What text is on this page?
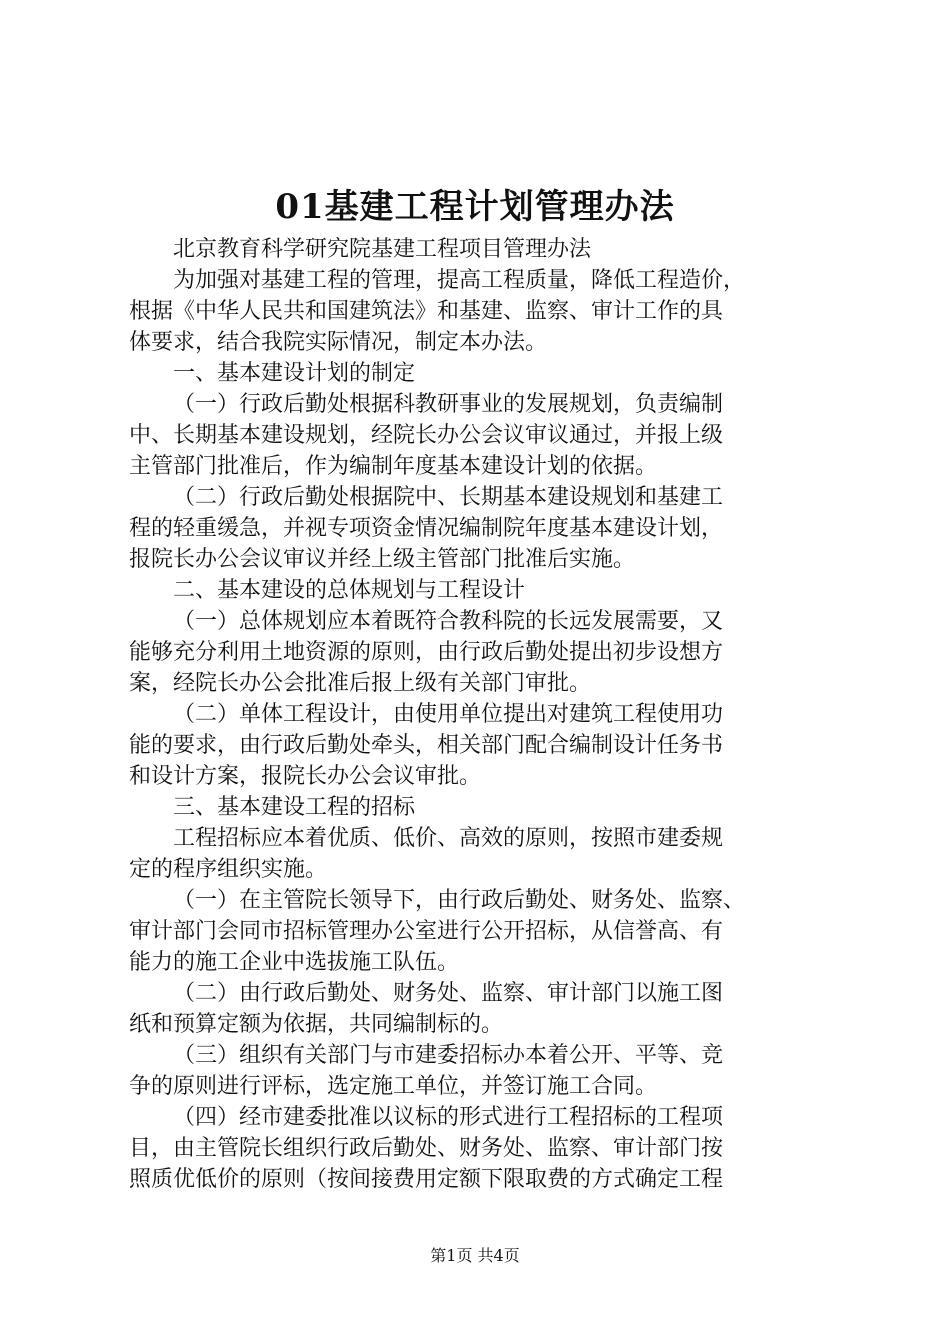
01基建工程计划管理办法

北京教育科学研究院基建工程项目管理办法

为加强对基建工程的管理，提高工程质量，降低工程造价，
根据《中华人民共和国建筑法》和基建、监察、审计工作的具
体要求，结合我院实际情况，制定本办法。

一、基本建设计划的制定

（一）行政后勤处根据科教研事业的发展规划，负责编制
中、长期基本建设规划，经院长办公会议审议通过，并报上级
主管部门批准后，作为编制年度基本建设计划的依据。

（二）行政后勤处根据院中、长期基本建设规划和基建工
程的轻重缓急，并视专项资金情况编制院年度基本建设计划，
报院长办公会议审议并经上级主管部门批准后实施。

二、基本建设的总体规划与工程设计

（一）总体规划应本着既符合教科院的长远发展需要，又
能够充分利用土地资源的原则，由行政后勤处提出初步设想方
案，经院长办公会批准后报上级有关部门审批。

（二）单体工程设计，由使用单位提出对建筑工程使用功
能的要求，由行政后勤处牵头，相关部门配合编制设计任务书
和设计方案，报院长办公会议审批。

三、基本建设工程的招标

工程招标应本着优质、低价、高效的原则，按照市建委规
定的程序组织实施。

（一）在主管院长领导下，由行政后勤处、财务处、监察、
审计部门会同市招标管理办公室进行公开招标，从信誉高、有
能力的施工企业中选拔施工队伍。

（二）由行政后勤处、财务处、监察、审计部门以施工图
纸和预算定额为依据，共同编制标的。

（三）组织有关部门与市建委招标办本着公开、平等、竞
争的原则进行评标，选定施工单位，并签订施工合同。

（四）经市建委批准以议标的形式进行工程招标的工程项
目，由主管院长组织行政后勤处、财务处、监察、审计部门按
照质优低价的原则（按间接费用定额下限取费的方式确定工程

第1页 共4页
